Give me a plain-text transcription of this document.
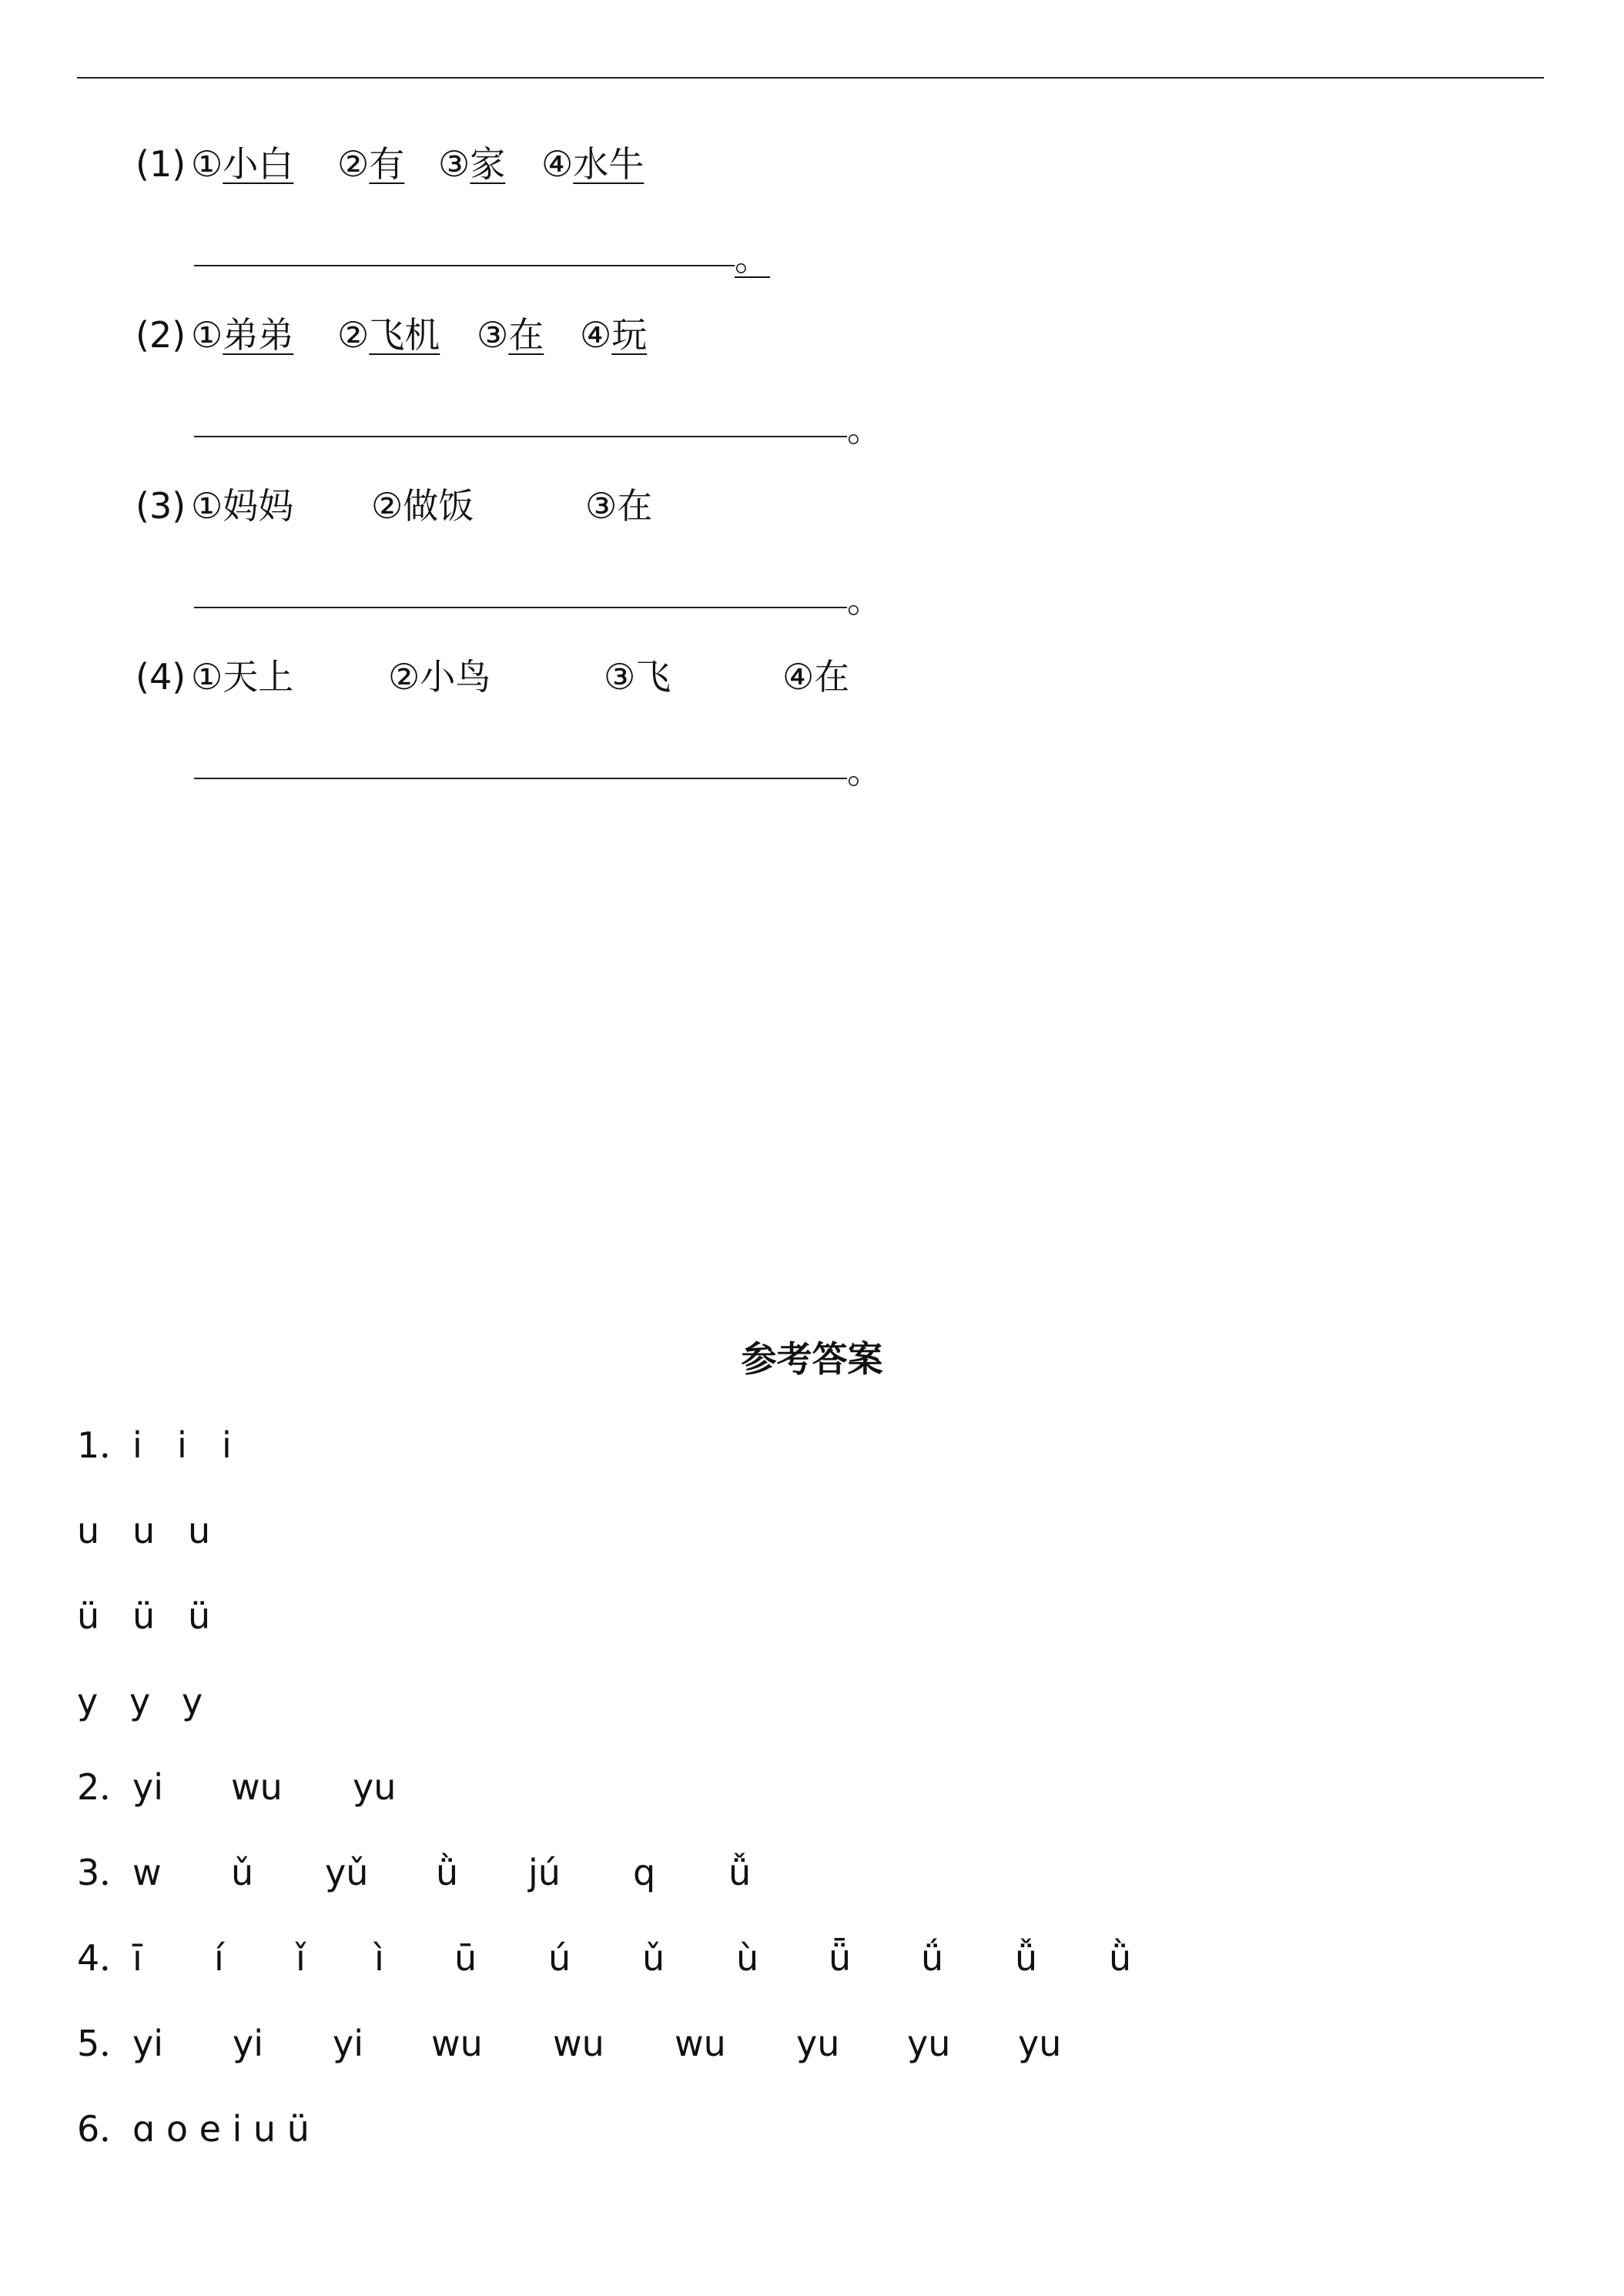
(1) ①小白 ②有 ③家 ④水牛
。
(2) ①弟弟 ②飞机 ③在 ④玩
。
(3) ①妈妈 ②做饭	③在
。
(4) ①天上	②小鸟	③飞	④在
。
参考答案
1．
i i i
u u u
ü ü ü
y y y
2．
yi wu yu
3．
w ǔ yǔ ǜ jú q ǚ
4．
ī í ǐ ì ū ú ǔ ù ǖ ǘ ǚ ǜ
5．
yi yi yi wu wu wu yu yu yu
6．
ɑ o e i u ü
